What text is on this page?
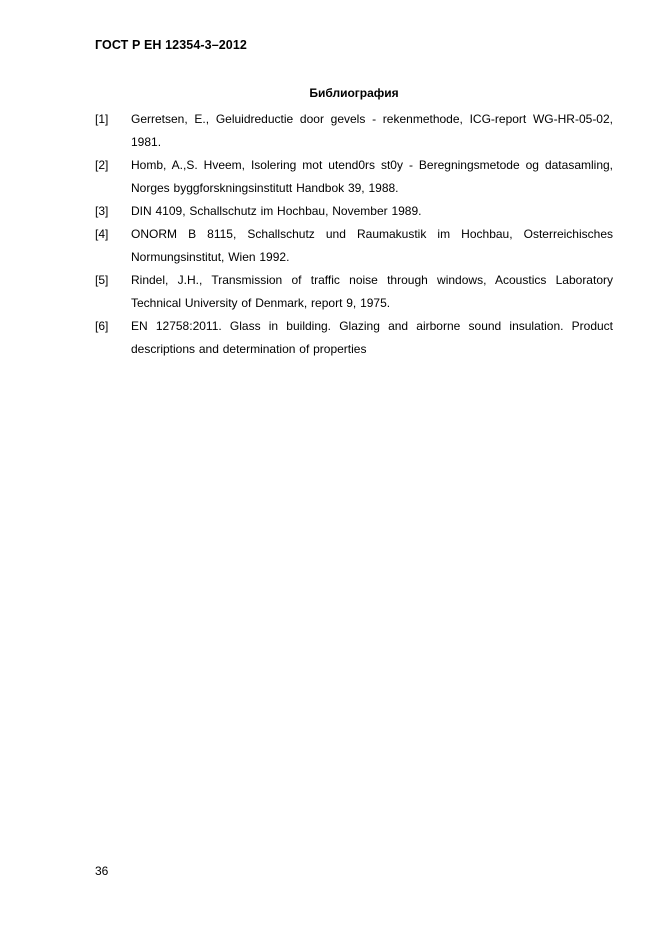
ГОСТ Р ЕН 12354-3–2012
Библиография
[1]	Gerretsen, E., Geluidreductie door gevels - rekenmethode, ICG-report WG-HR-05-02, 1981.
[2]	Homb, A.,S. Hveem, Isolering mot utend0rs st0y - Beregningsmetode og datasamling, Norges byggforskningsinstitutt Handbok 39, 1988.
[3]	DIN 4109, Schallschutz im Hochbau, November 1989.
[4]	ONORM B 8115, Schallschutz und Raumakustik im Hochbau, Osterreichisches Normungsinstitut, Wien 1992.
[5]	Rindel, J.H., Transmission of traffic noise through windows, Acoustics Laboratory Technical University of Denmark, report 9, 1975.
[6]	EN 12758:2011. Glass in building. Glazing and airborne sound insulation. Product descriptions and determination of properties
36
